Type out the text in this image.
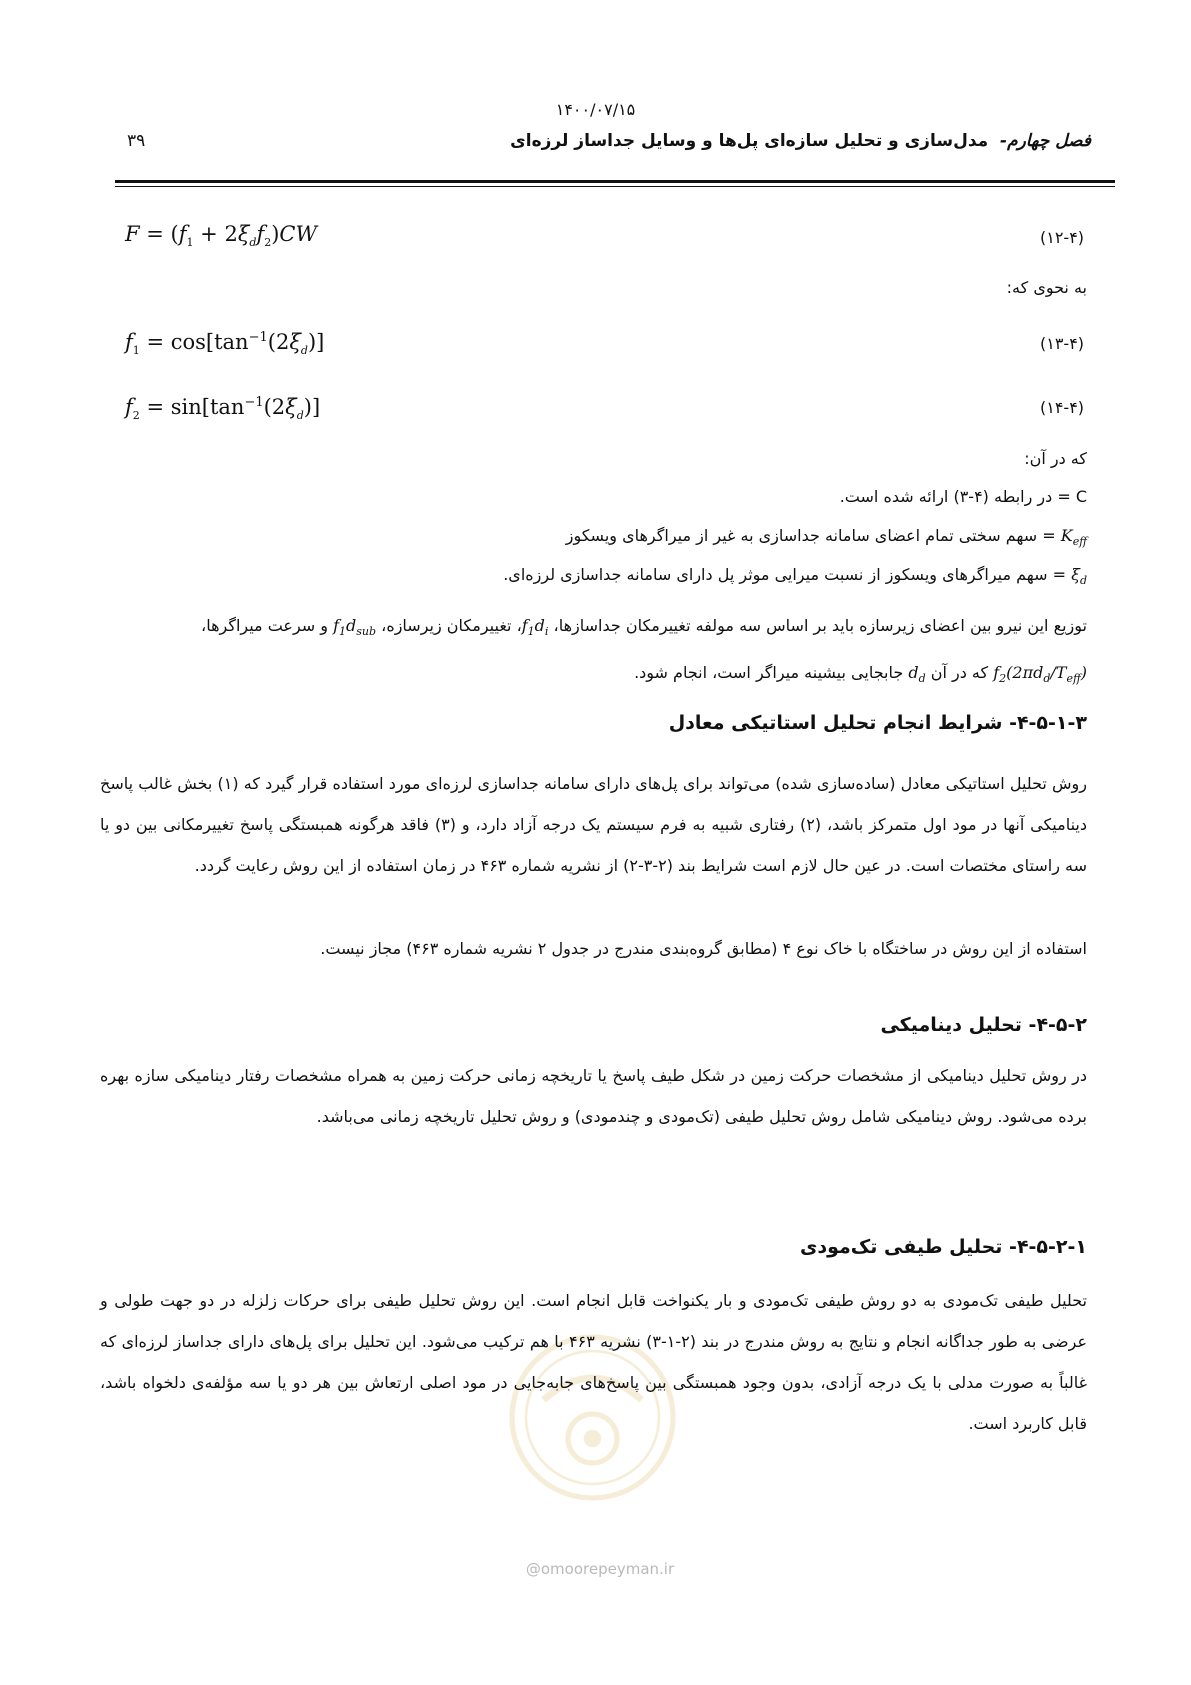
۱۴۰۰/۰۷/۱۵
فصل چهارم-  مدل‌سازی و تحلیل سازه‌ای پل‌ها و وسایل جداساز لرزه‌ای
۳۹
$F = (f_1 + 2\xi_df_2)CW$	(۱۲-۴)
به نحوی که:
$f_1 = \cos[\tan^{-1}(2\xi_d)]$	(۱۳-۴)
$f_2 = \sin[\tan^{-1}(2\xi_d)]$	(۱۴-۴)
که در آن:
C = در رابطه (۴-۳) ارائه شده است.
$K_{eff}$ = سهم سختی تمام اعضای سامانه جداسازی به غیر از میراگرهای ویسکوز
$\xi_d$ = سهم میراگرهای ویسکوز از نسبت میرایی موثر پل دارای سامانه جداسازی لرزه‌ای.
توزیع این نیرو بین اعضای زیرسازه باید بر اساس سه مولفه تغییرمکان جداسازها، $f_1d_i،$ تغییرمکان زیرسازه، $f_1d_{sub}$ و سرعت میراگرها،
$f_2(2\pi d_d/T_{eff})$ که در آن $d_d$ جابجایی بیشینه میراگر است، انجام شود.
۴-۵-۱-۳- شرایط انجام تحلیل استاتیکی معادل
روش تحلیل استاتیکی معادل (ساده‌سازی شده) می‌تواند برای پل‌های دارای سامانه جداسازی لرزه‌ای مورد استفاده قرار گیرد که (۱) بخش غالب پاسخ دینامیکی آنها در مود اول متمرکز باشد، (۲) رفتاری شبیه به فرم سیستم یک درجه آزاد دارد، و (۳) فاقد هرگونه همبستگی پاسخ تغییرمکانی بین دو یا سه راستای مختصات است. در عین حال لازم است شرایط بند (۲-۳-۲) از نشریه شماره ۴۶۳ در زمان استفاده از این روش رعایت گردد.
استفاده از این روش در ساختگاه با خاک نوع ۴ (مطابق گروه‌بندی مندرج در جدول ۲ نشریه شماره ۴۶۳) مجاز نیست.
۴-۵-۲- تحلیل دینامیکی
در روش تحلیل دینامیکی از مشخصات حرکت زمین در شکل طیف پاسخ یا تاریخچه زمانی حرکت زمین به همراه مشخصات رفتار دینامیکی سازه بهره برده می‌شود. روش دینامیکی شامل روش تحلیل طیفی (تک‌مودی و چندمودی) و روش تحلیل تاریخچه زمانی می‌باشد.
۴-۵-۲-۱- تحلیل طیفی تک‌مودی
تحلیل طیفی تک‌مودی به دو روش طیفی تک‌مودی و بار یکنواخت قابل انجام است. این روش تحلیل طیفی برای حرکات زلزله در دو جهت طولی و عرضی به طور جداگانه انجام و نتایج به روش مندرج در بند (۲-۱-۳) نشریه ۴۶۳ با هم ترکیب می‌شود. این تحلیل برای پل‌های دارای جداساز لرزه‌ای که غالباً به صورت مدلی با یک درجه آزادی، بدون وجود همبستگی بین پاسخ‌های جابه‌جایی در مود اصلی ارتعاش بین هر دو یا سه مؤلفه‌ی دلخواه باشد، قابل کاربرد است.
@omoorepeyman.ir
